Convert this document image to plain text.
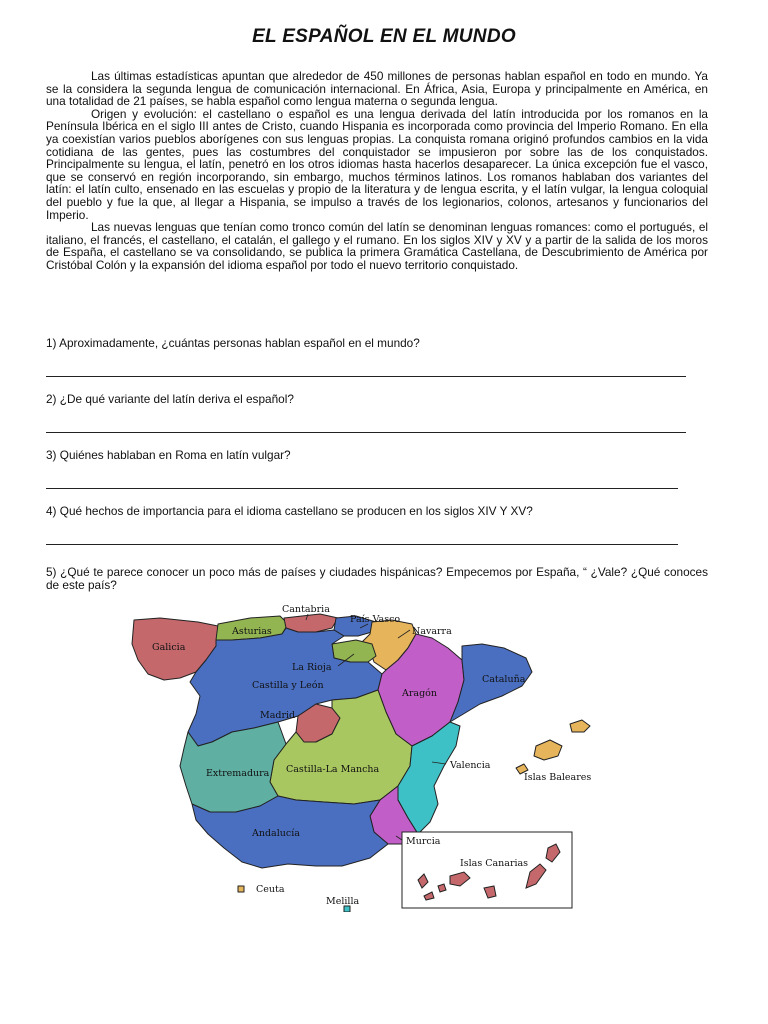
EL ESPAÑOL EN EL MUNDO

Las últimas estadísticas apuntan que alrededor de 450 millones de personas hablan español en todo en mundo. Ya se la considera la segunda lengua de comunicación internacional. En África, Asia, Europa y principalmente en América, en una totalidad de 21 países, se habla español como lengua materna o segunda lengua.

Origen y evolución: el castellano o español es una lengua derivada del latín introducida por los romanos en la Península Ibérica en el siglo III antes de Cristo, cuando Hispania es incorporada como provincia del Imperio Romano. En ella ya coexistían varios pueblos aborígenes con sus lenguas propias. La conquista romana originó profundos cambios en la vida cotidiana de las gentes, pues las costumbres del conquistador se impusieron por sobre las de los conquistados. Principalmente su lengua, el latín, penetró en los otros idiomas hasta hacerlos desaparecer. La única excepción fue el vasco, que se conservó en región incorporando, sin embargo, muchos términos latinos. Los romanos hablaban dos variantes del latín: el latín culto, ensenado en las escuelas y propio de la literatura y de lengua escrita, y el latín vulgar, la lengua coloquial del pueblo y fue la que, al llegar a Hispania, se impulso a través de los legionarios, colonos, artesanos y funcionarios del Imperio.

Las nuevas lenguas que tenían como tronco común del latín se denominan lenguas romances: como el portugués, el italiano, el francés, el castellano, el catalán, el gallego y el rumano. En los siglos XIV y XV y a partir de la salida de los moros de España, el castellano se va consolidando, se publica la primera Gramática Castellana, de Descubrimiento de América por Cristóbal Colón y la expansión del idioma español por todo el nuevo territorio conquistado.

1) Aproximadamente, ¿cuántas personas hablan español en el mundo?
2) ¿De qué variante del latín deriva el español?
3) Quiénes hablaban en Roma en latín vulgar?
4) Qué hechos de importancia para el idioma castellano se producen en los siglos XIV Y XV?
5) ¿Qué te parece conocer un poco más de países y ciudades hispánicas? Empecemos por España, “ ¿Vale? ¿Qué conoces de este país?
Galicia
Asturias
Cantabria
País Vasco
Navarra
La Rioja
Castilla y León
Aragón
Cataluña
Madrid
Castilla-La Mancha
Extremadura
Valencia
Islas Baleares
Andalucía
Murcia
Ceuta
Melilla
Islas Canarias
